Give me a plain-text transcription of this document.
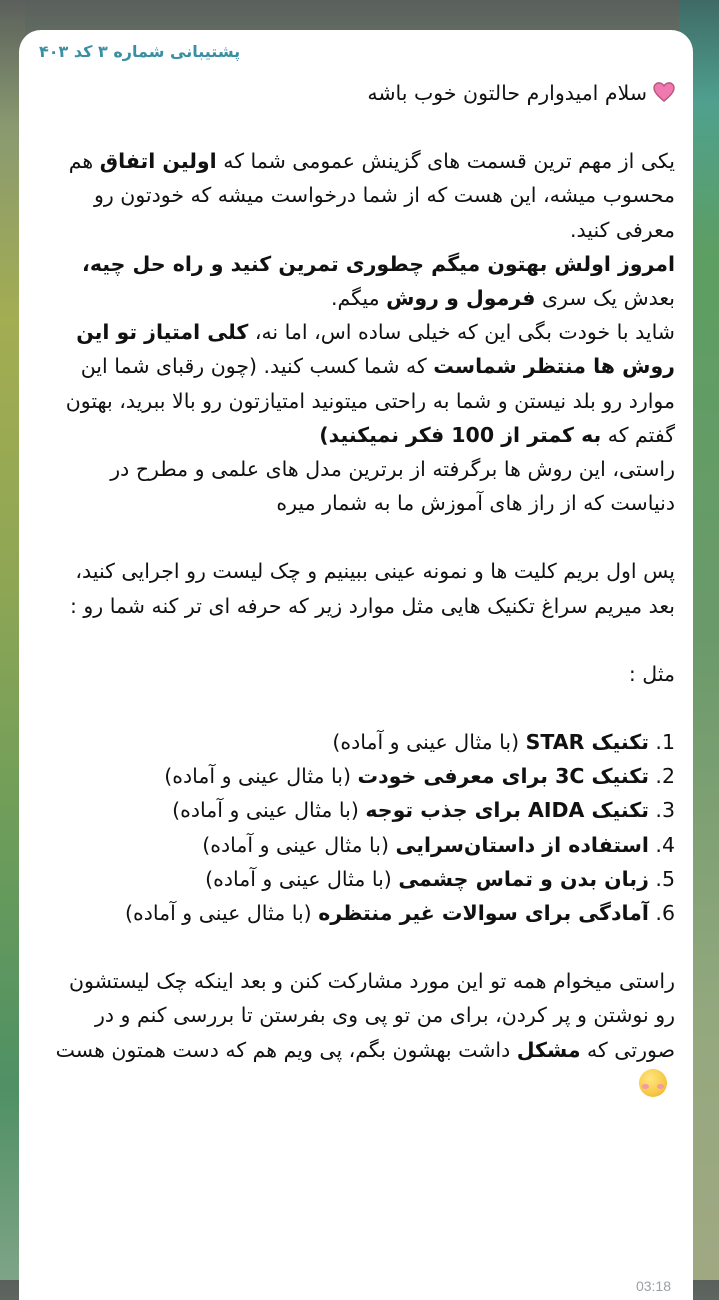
پشتیبانی شماره ۳ کد ۴۰۳

سلام امیدوارم حالتون خوب باشه

یکی از مهم ترین قسمت های گزینش عمومی شما که اولین اتفاق هم محسوب میشه، این هست که از شما درخواست میشه که خودتون رو معرفی کنید.

امروز اولش بهتون میگم چطوری تمرین کنید و راه حل چیه، بعدش یک سری فرمول و روش میگم.

شاید با خودت بگی این که خیلی ساده اس، اما نه، کلی امتیاز تو این روش ها منتظر شماست که شما کسب کنید. (چون رقبای شما این موارد رو بلد نیستن و شما به راحتی میتونید امتیازتون رو بالا ببرید، بهتون گفتم که به کمتر از 100 فکر نمیکنید)

راستی، این روش ها برگرفته از برترین مدل های علمی و مطرح در دنیاست که از راز های آموزش ما به شمار میره

پس اول بریم کلیت ها و نمونه عینی ببینیم و چک لیست رو اجرایی کنید، بعد میریم سراغ تکنیک هایی مثل موارد زیر که حرفه ای تر کنه شما رو :

مثل :

1. تکنیک STAR (با مثال عینی و آماده)

2. تکنیک 3C برای معرفی خودت (با مثال عینی و آماده)

3. تکنیک AIDA برای جذب توجه (با مثال عینی و آماده)

4. استفاده از داستان‌سرایی (با مثال عینی و آماده)

5. زبان بدن و تماس چشمی (با مثال عینی و آماده)

6. آمادگی برای سوالات غیر منتظره (با مثال عینی و آماده)

راستی میخوام همه تو این مورد مشارکت کنن و بعد اینکه چک لیستشون رو نوشتن و پر کردن، برای من تو پی وی بفرستن تا بررسی کنم و در صورتی که مشکل داشت بهشون بگم، پی ویم هم که دست همتون هست

03:18
